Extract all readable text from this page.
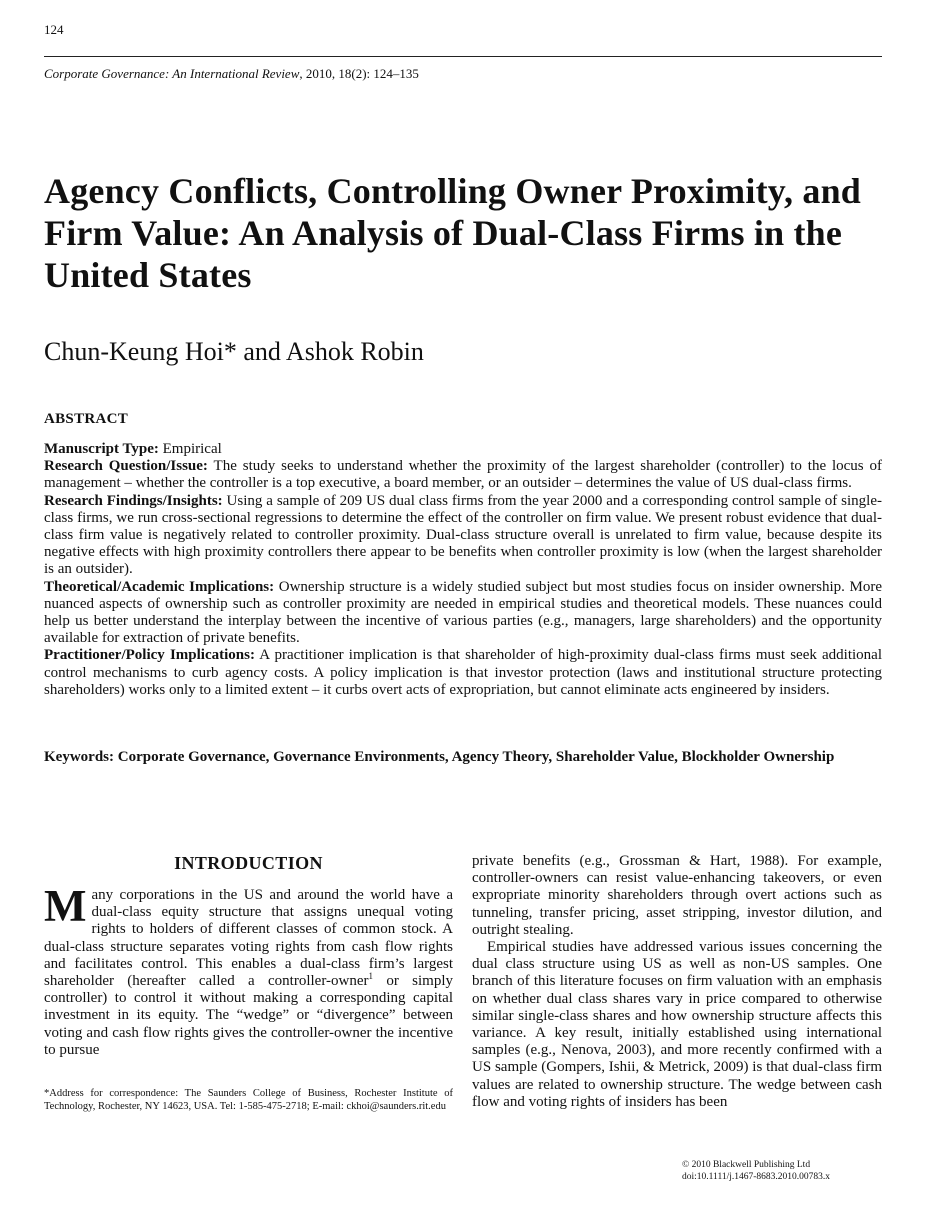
124
Corporate Governance: An International Review, 2010, 18(2): 124–135
Agency Conflicts, Controlling Owner Proximity, and Firm Value: An Analysis of Dual-Class Firms in the United States
Chun-Keung Hoi* and Ashok Robin
ABSTRACT

Manuscript Type: Empirical

Research Question/Issue: The study seeks to understand whether the proximity of the largest shareholder (controller) to the locus of management – whether the controller is a top executive, a board member, or an outsider – determines the value of US dual-class firms.

Research Findings/Insights: Using a sample of 209 US dual class firms from the year 2000 and a corresponding control sample of single-class firms, we run cross-sectional regressions to determine the effect of the controller on firm value. We present robust evidence that dual-class firm value is negatively related to controller proximity. Dual-class structure overall is unrelated to firm value, because despite its negative effects with high proximity controllers there appear to be benefits when controller proximity is low (when the largest shareholder is an outsider).

Theoretical/Academic Implications: Ownership structure is a widely studied subject but most studies focus on insider ownership. More nuanced aspects of ownership such as controller proximity are needed in empirical studies and theoretical models. These nuances could help us better understand the interplay between the incentive of various parties (e.g., managers, large shareholders) and the opportunity available for extraction of private benefits.

Practitioner/Policy Implications: A practitioner implication is that shareholder of high-proximity dual-class firms must seek additional control mechanisms to curb agency costs. A policy implication is that investor protection (laws and institutional structure protecting shareholders) works only to a limited extent – it curbs overt acts of expropriation, but cannot eliminate acts engineered by insiders.

Keywords: Corporate Governance, Governance Environments, Agency Theory, Shareholder Value, Blockholder Ownership

INTRODUCTION

Many corporations in the US and around the world have a dual-class equity structure that assigns unequal voting rights to holders of different classes of common stock. A dual-class structure separates voting rights from cash flow rights and facilitates control. This enables a dual-class firm’s largest shareholder (hereafter called a controller-owner$^1$ or simply controller) to control it without making a corresponding capital investment in its equity. The “wedge” or “divergence” between voting and cash flow rights gives the controller-owner the incentive to pursue

*Address for correspondence: The Saunders College of Business, Rochester Institute of Technology, Rochester, NY 14623, USA. Tel: 1-585-475-2718; E-mail: ckhoi@saunders.rit.edu

private benefits (e.g., Grossman & Hart, 1988). For example, controller-owners can resist value-enhancing takeovers, or even expropriate minority shareholders through overt actions such as tunneling, transfer pricing, asset stripping, investor dilution, and outright stealing.

Empirical studies have addressed various issues concerning the dual class structure using US as well as non-US samples. One branch of this literature focuses on firm valuation with an emphasis on whether dual class shares vary in price compared to otherwise similar single-class shares and how ownership structure affects this variance. A key result, initially established using international samples (e.g., Nenova, 2003), and more recently confirmed with a US sample (Gompers, Ishii, & Metrick, 2009) is that dual-class firm values are related to ownership structure. The wedge between cash flow and voting rights of insiders has been

© 2010 Blackwell Publishing Ltd
doi:10.1111/j.1467-8683.2010.00783.x
